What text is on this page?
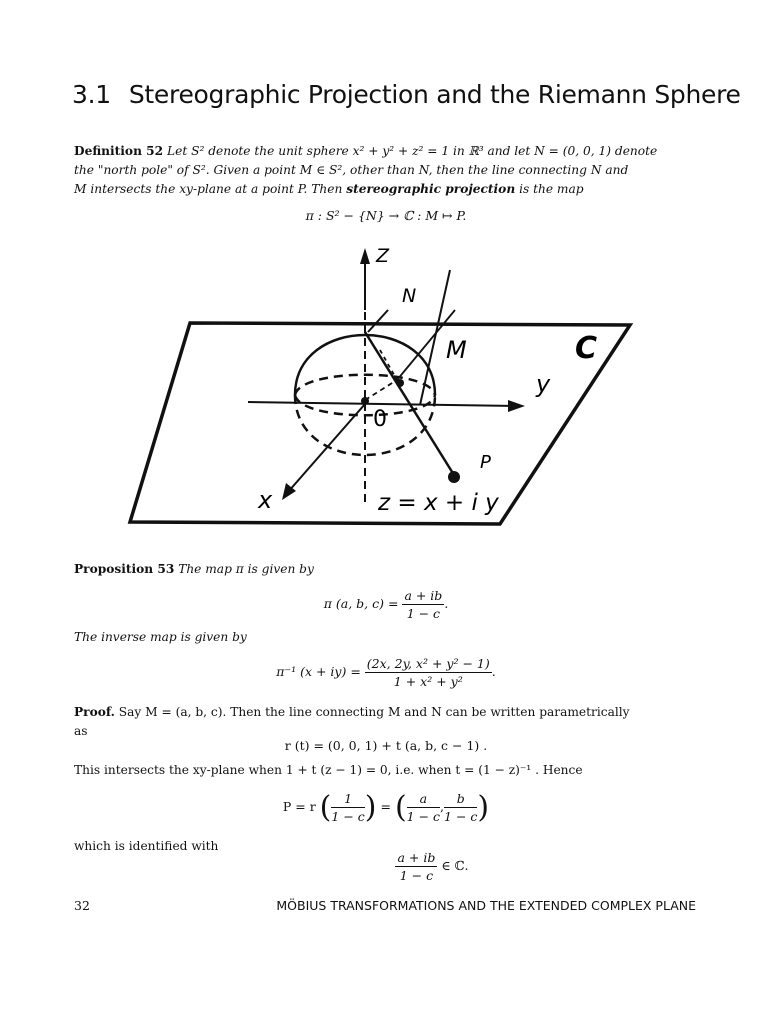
3.1 Stereographic Projection and the Riemann Sphere
Definition 52 Let S² denote the unit sphere x² + y² + z² = 1 in ℝ³ and let N = (0, 0, 1) denote
the "north pole" of S². Given a point M ∈ S², other than N, then the line connecting N and
M intersects the xy-plane at a point P. Then stereographic projection is the map
π : S² − {N} → ℂ : M ↦ P.
Z
N
M	C
y
0
P
x	z = x + i y
Proposition 53 The map π is given by
π (a, b, $c) = \frac{a + ib}{1 - c}$ .
The inverse map is given by
π⁻¹ $(x + iy) = \frac{\text{(2x, 2y, x² + y² − 1)}}{\text{1 + x² + y²}}$ .
Proof. Say M = (a, b, c). Then the line connecting M and N can be written parametrically
as
r (t) = (0, 0, 1) + t (a, b, c − 1) .
This intersects the xy-plane when 1 + t (z − 1) = 0, i.e. when t = (1 − z)⁻¹ . Hence
P = r ( $\frac{1}{1 - c}$ ) = ( $\frac{a}{1 - c}$ , $\frac{b}{1 - c}$ )
which is identified with
$\frac{a + ib}{1 - c}$ ∈ ℂ.
32	MÖBIUS TRANSFORMATIONS AND THE EXTENDED COMPLEX PLANE
